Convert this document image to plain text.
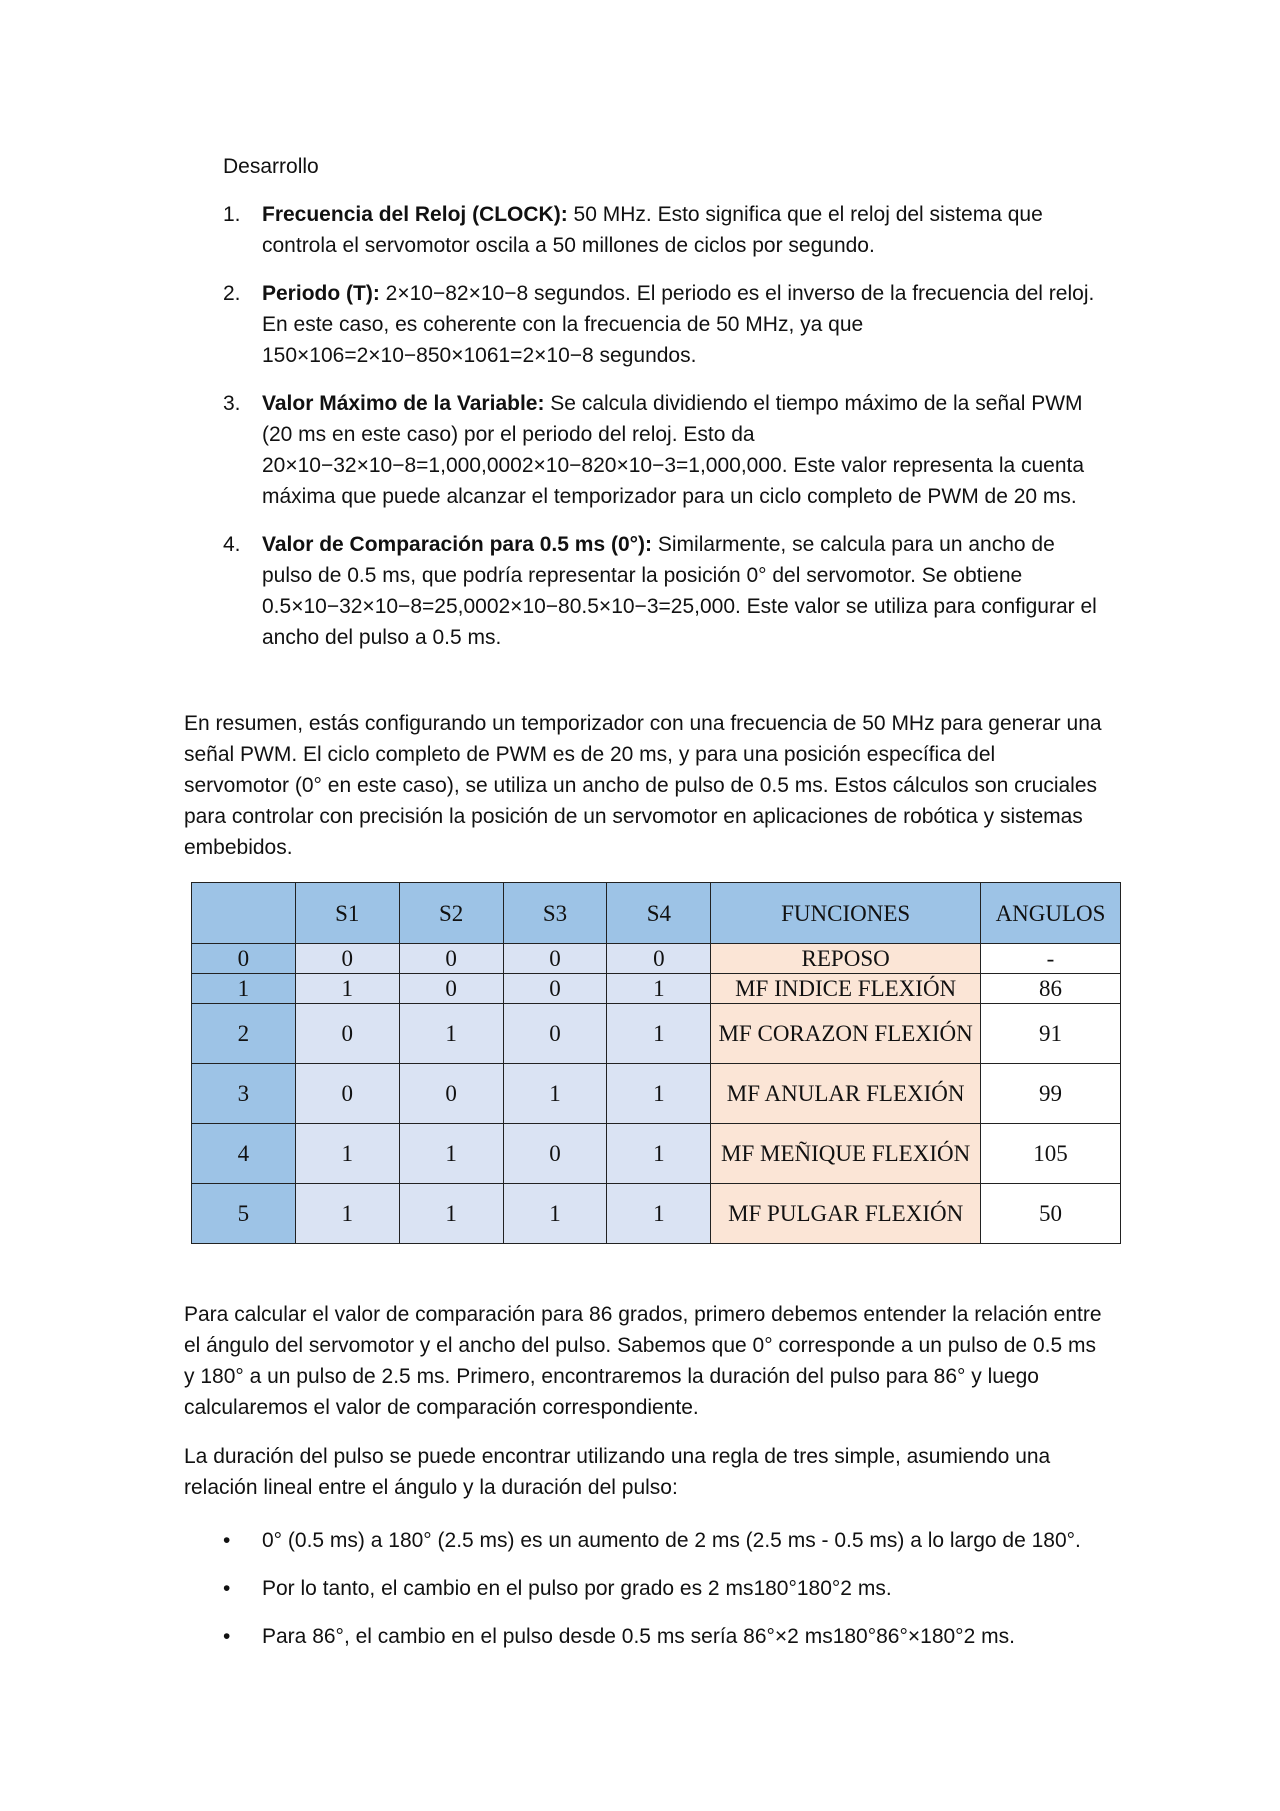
Desarrollo
1. Frecuencia del Reloj (CLOCK): 50 MHz. Esto significa que el reloj del sistema que controla el servomotor oscila a 50 millones de ciclos por segundo.
2. Periodo (T): 2×10−82×10−8 segundos. El periodo es el inverso de la frecuencia del reloj. En este caso, es coherente con la frecuencia de 50 MHz, ya que 150×106=2×10−850×1061=2×10−8 segundos.
3. Valor Máximo de la Variable: Se calcula dividiendo el tiempo máximo de la señal PWM (20 ms en este caso) por el periodo del reloj. Esto da 20×10−32×10−8=1,000,0002×10−820×10−3=1,000,000. Este valor representa la cuenta máxima que puede alcanzar el temporizador para un ciclo completo de PWM de 20 ms.
4. Valor de Comparación para 0.5 ms (0°): Similarmente, se calcula para un ancho de pulso de 0.5 ms, que podría representar la posición 0° del servomotor. Se obtiene 0.5×10−32×10−8=25,0002×10−80.5×10−3=25,000. Este valor se utiliza para configurar el ancho del pulso a 0.5 ms.

En resumen, estás configurando un temporizador con una frecuencia de 50 MHz para generar una señal PWM. El ciclo completo de PWM es de 20 ms, y para una posición específica del servomotor (0° en este caso), se utiliza un ancho de pulso de 0.5 ms. Estos cálculos son cruciales para controlar con precisión la posición de un servomotor en aplicaciones de robótica y sistemas embebidos.

	S1	S2	S3	S4	FUNCIONES	ANGULOS
0	0	0	0	0	REPOSO	-
1	1	0	0	1	MF INDICE FLEXIÓN	86
2	0	1	0	1	MF CORAZON FLEXIÓN	91
3	0	0	1	1	MF ANULAR FLEXIÓN	99
4	1	1	0	1	MF MEÑIQUE FLEXIÓN	105
5	1	1	1	1	MF PULGAR FLEXIÓN	50

Para calcular el valor de comparación para 86 grados, primero debemos entender la relación entre el ángulo del servomotor y el ancho del pulso. Sabemos que 0° corresponde a un pulso de 0.5 ms y 180° a un pulso de 2.5 ms. Primero, encontraremos la duración del pulso para 86° y luego calcularemos el valor de comparación correspondiente.

La duración del pulso se puede encontrar utilizando una regla de tres simple, asumiendo una relación lineal entre el ángulo y la duración del pulso:

• 0° (0.5 ms) a 180° (2.5 ms) es un aumento de 2 ms (2.5 ms - 0.5 ms) a lo largo de 180°.
• Por lo tanto, el cambio en el pulso por grado es 2 ms180°180°2 ms.
• Para 86°, el cambio en el pulso desde 0.5 ms sería 86°×2 ms180°86°×180°2 ms.
